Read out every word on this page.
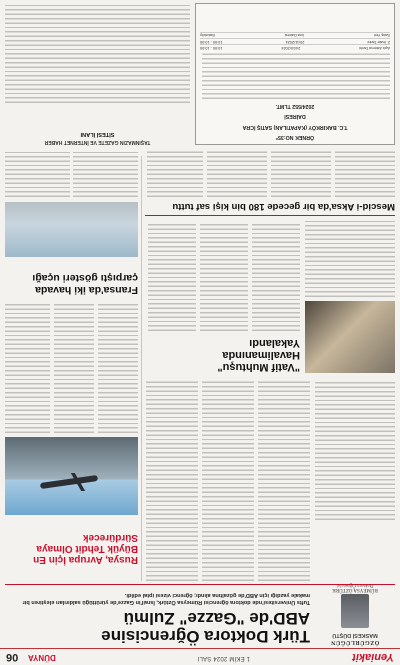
Yeniakit
1 EKİM 2024 SALI
DÜNYA
06
ÖZGÜRLÜĞÜN
MASKESİ DÜŞTÜ
RÜMEYSA ÖZTÜRK
Türk Doktora Öğrencisine
ABD'de "Gazze" Zulmü
Tufts Üniversitesi'nde doktora öğrencisi Rümeysa Öztürk, İsrail'in Gazze'de yürüttüğü saldırıları eleştiren bir makale yazdığı için ABD'de gözaltına alındı; öğrenci vizesi iptal edildi.
Rusya, Avrupa İçin En Büyük Tehdit Olmaya Sürdürecek
Fransa'da iki havada çarpıştı gösteri uçağı
"Vatif Muhtuşu"
Havalimanında
Yakalandı
Mescid-i Aksa'da bir gecede 180 bin kişi saf tuttu
ÖRNEK NO:35*
T.C. BAKIRKÖY (KAPATILAN) SATIŞ İCRA
DAİRESİ
2024/552 TLMT.
Açık Artırma Tarihi
24/10/2024
10:00 - 10:05
2. İhale Tarihi
20/11/2024
10:00 - 10:05
Satış Yeri
İcra Dairesi
Bakırköy
TAŞINMAZIN GAZETE VE İNTERNET HABER
SİTESİ İLANI
